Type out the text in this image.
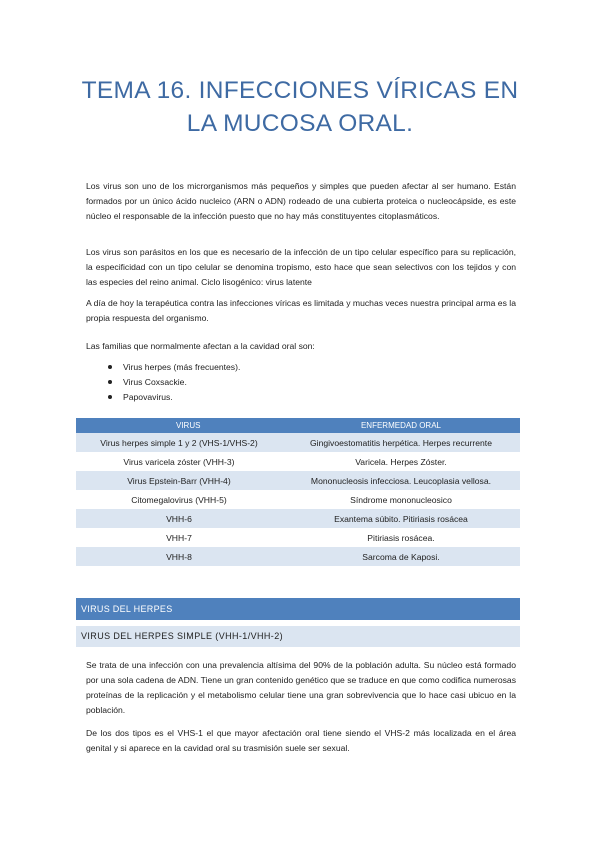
TEMA 16. INFECCIONES VÍRICAS EN
LA MUCOSA ORAL.

Los virus son uno de los microrganismos más pequeños y simples que pueden afectar al ser humano. Están formados por un único ácido nucleico (ARN o ADN) rodeado de una cubierta proteica o nucleocápside, es este núcleo el responsable de la infección puesto que no hay más constituyentes citoplasmáticos.

Los virus son parásitos en los que es necesario de la infección de un tipo celular específico para su replicación, la especificidad con un tipo celular se denomina tropismo, esto hace que sean selectivos con los tejidos y con las especies del reino animal. Ciclo lisogénico: virus latente

A día de hoy la terapéutica contra las infecciones víricas es limitada y muchas veces nuestra principal arma es la propia respuesta del organismo.

Las familias que normalmente afectan a la cavidad oral son:

Virus herpes (más frecuentes).
Virus Coxsackie.
Papovavirus.
VIRUS	ENFERMEDAD ORAL
Virus herpes simple 1 y 2 (VHS-1/VHS-2)	Gingivoestomatitis herpética. Herpes recurrente
Virus varicela zóster (VHH-3)	Varicela. Herpes Zóster.
Virus Epstein-Barr (VHH-4)	Mononucleosis infecciosa. Leucoplasia vellosa.
Citomegalovirus (VHH-5)	Síndrome mononucleosico
VHH-6	Exantema súbito. Pitiriasis rosácea
VHH-7	Pitiriasis rosácea.
VHH-8	Sarcoma de Kaposi.
VIRUS DEL HERPES
VIRUS DEL HERPES SIMPLE (VHH-1/VHH-2)

Se trata de una infección con una prevalencia altísima del 90% de la población adulta. Su núcleo está formado por una sola cadena de ADN. Tiene un gran contenido genético que se traduce en que como codifica numerosas proteínas de la replicación y el metabolismo celular tiene una gran sobrevivencia que lo hace casi ubicuo en la población.

De los dos tipos es el VHS-1 el que mayor afectación oral tiene siendo el VHS-2 más localizada en el área genital y si aparece en la cavidad oral su trasmisión suele ser sexual.
